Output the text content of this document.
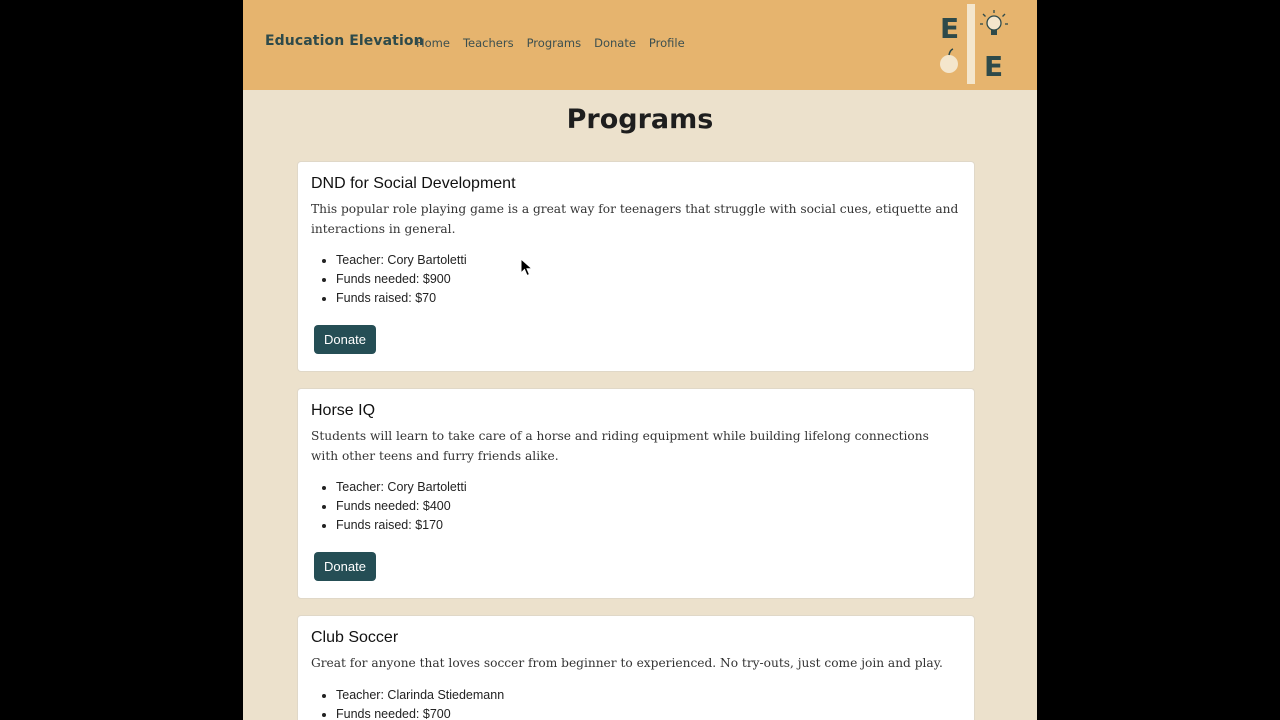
Education Elevation
Home Teachers Programs Donate Profile	E
E
Programs
DND for Social Development

This popular role playing game is a great way for teenagers that struggle with social cues, etiquette and interactions in general.

• Teacher: Cory Bartoletti
• Funds needed: $900
• Funds raised: $70
Donate
Horse IQ

Students will learn to take care of a horse and riding equipment while building lifelong connections with other teens and furry friends alike.

• Teacher: Cory Bartoletti
• Funds needed: $400
• Funds raised: $170
Donate
Club Soccer

Great for anyone that loves soccer from beginner to experienced. No try-outs, just come join and play.

• Teacher: Clarinda Stiedemann
• Funds needed: $700
